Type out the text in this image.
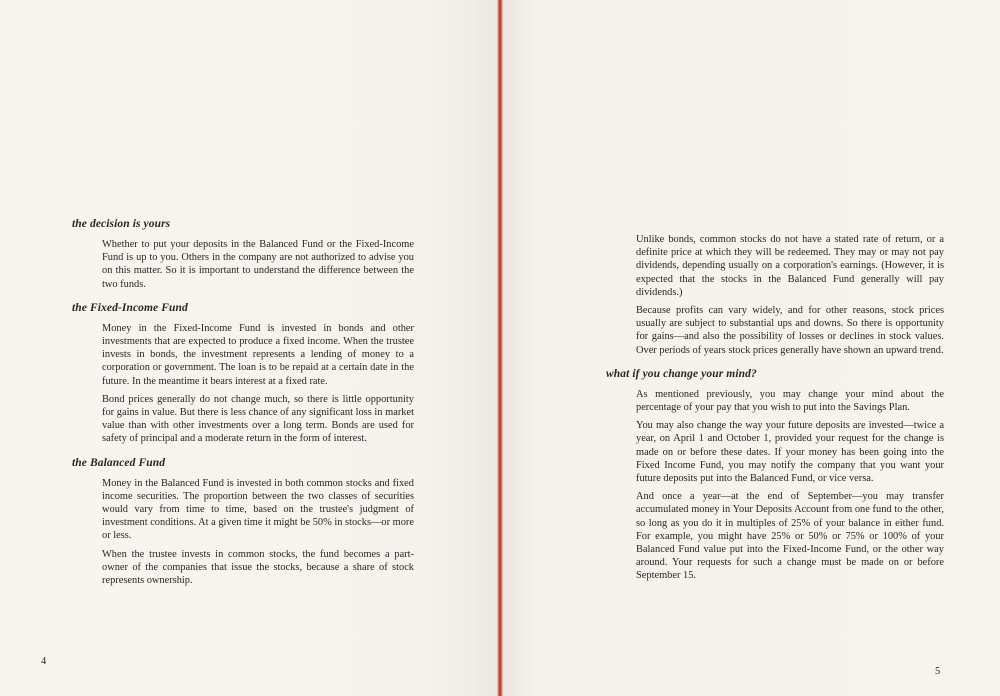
the decision is yours

Whether to put your deposits in the Balanced Fund or the Fixed-Income Fund is up to you. Others in the company are not authorized to advise you on this matter. So it is important to understand the difference between the two funds.

the Fixed-Income Fund

Money in the Fixed-Income Fund is invested in bonds and other investments that are expected to produce a fixed income. When the trustee invests in bonds, the investment represents a lending of money to a corporation or government. The loan is to be repaid at a certain date in the future. In the meantime it bears interest at a fixed rate.

Bond prices generally do not change much, so there is little opportunity for gains in value. But there is less chance of any significant loss in market value than with other investments over a long term. Bonds are used for safety of principal and a moderate return in the form of interest.

the Balanced Fund

Money in the Balanced Fund is invested in both common stocks and fixed income securities. The proportion between the two classes of securities would vary from time to time, based on the trustee's judgment of investment conditions. At a given time it might be 50% in stocks—or more or less.

When the trustee invests in common stocks, the fund becomes a part-owner of the companies that issue the stocks, because a share of stock represents ownership.

4

Unlike bonds, common stocks do not have a stated rate of return, or a definite price at which they will be redeemed. They may or may not pay dividends, depending usually on a corporation's earnings. (However, it is expected that the stocks in the Balanced Fund generally will pay dividends.)

Because profits can vary widely, and for other reasons, stock prices usually are subject to substantial ups and downs. So there is opportunity for gains—and also the possibility of losses or declines in stock values. Over periods of years stock prices generally have shown an upward trend.

what if you change your mind?

As mentioned previously, you may change your mind about the percentage of your pay that you wish to put into the Savings Plan.

You may also change the way your future deposits are invested—twice a year, on April 1 and October 1, provided your request for the change is made on or before these dates. If your money has been going into the Fixed Income Fund, you may notify the company that you want your future deposits put into the Balanced Fund, or vice versa.

And once a year—at the end of September—you may transfer accumulated money in Your Deposits Account from one fund to the other, so long as you do it in multiples of 25% of your balance in either fund. For example, you might have 25% or 50% or 75% or 100% of your Balanced Fund value put into the Fixed-Income Fund, or the other way around. Your requests for such a change must be made on or before September 15.

5
